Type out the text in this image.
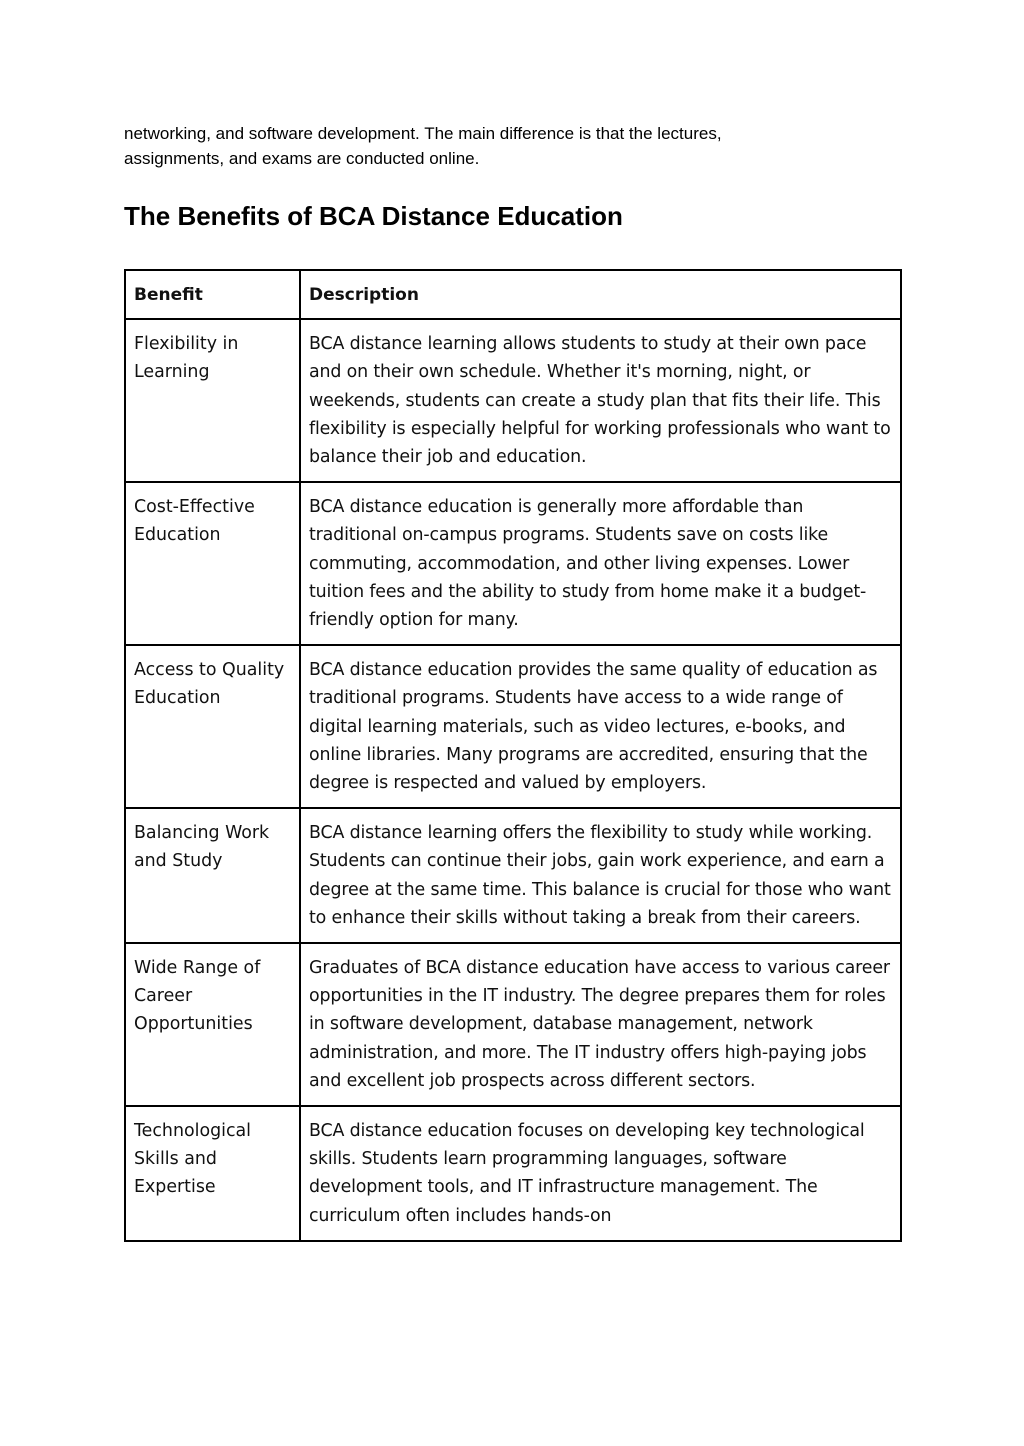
networking, and software development. The main difference is that the lectures,
assignments, and exams are conducted online.

The Benefits of BCA Distance Education
Benefit	Description
Flexibility in Learning	BCA distance learning allows students to study at their own pace and on their own schedule. Whether it's morning, night, or weekends, students can create a study plan that fits their life. This flexibility is especially helpful for working professionals who want to balance their job and education.
Cost-Effective Education	BCA distance education is generally more affordable than traditional on-campus programs. Students save on costs like commuting, accommodation, and other living expenses. Lower tuition fees and the ability to study from home make it a budget-friendly option for many.
Access to Quality Education	BCA distance education provides the same quality of education as traditional programs. Students have access to a wide range of digital learning materials, such as video lectures, e-books, and online libraries. Many programs are accredited, ensuring that the degree is respected and valued by employers.
Balancing Work and Study	BCA distance learning offers the flexibility to study while working. Students can continue their jobs, gain work experience, and earn a degree at the same time. This balance is crucial for those who want to enhance their skills without taking a break from their careers.
Wide Range of Career Opportunities	Graduates of BCA distance education have access to various career opportunities in the IT industry. The degree prepares them for roles in software development, database management, network administration, and more. The IT industry offers high-paying jobs and excellent job prospects across different sectors.
Technological Skills and Expertise	BCA distance education focuses on developing key technological skills. Students learn programming languages, software development tools, and IT infrastructure management. The curriculum often includes hands-on
